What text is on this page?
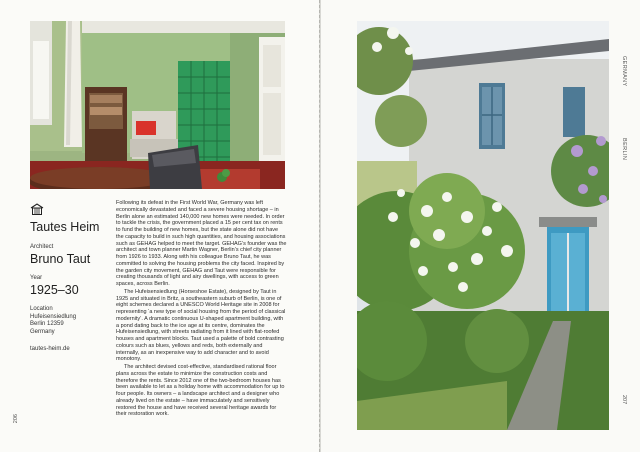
Tautes Heim
Architect
Bruno Taut
Year
1925–30
Location
Hufeisensiedlung
Berlin 12359
Germany
tautes-heim.de

Following its defeat in the First World War, Germany was left economically devastated and faced a severe housing shortage – in Berlin alone an estimated 140,000 new homes were needed. In order to tackle the crisis, the government placed a 15 per cent tax on rents to fund the building of new homes, but the state alone did not have the capacity to build in such high quantities, and housing associations such as GEHAG helped to meet the target. GEHAG’s founder was the architect and town planner Martin Wagner, Berlin’s chief city planner from 1926 to 1933. Along with his colleague Bruno Taut, he was committed to solving the housing problems the city faced. Inspired by the garden city movement, GEHAG and Taut were responsible for creating thousands of light and airy dwellings, with access to green spaces, across Berlin.

The Hufeisensiedlung (Horseshoe Estate), designed by Taut in 1925 and situated in Britz, a southeastern suburb of Berlin, is one of eight schemes declared a UNESCO World Heritage site in 2008 for representing ‘a new type of social housing from the period of classical modernity’. A dramatic continuous U-shaped apartment building, with a pond dating back to the ice age at its centre, dominates the Hufeisensiedlung, with streets radiating from it lined with flat-roofed houses and apartment blocks. Taut used a palette of bold contrasting colours such as blues, yellows and reds, both externally and internally, as an inexpensive way to add character and to avoid monotony.

The architect devised cost-effective, standardised rational floor plans across the estate to minimize the construction costs and therefore the rents. Since 2012 one of the two-bedroom houses has been available to let as a holiday home with accommodation for up to four people. Its owners – a landscape architect and a designer who already lived on the estate – have immaculately and sensitively restored the house and have received several heritage awards for their restoration work.

206
207
GERMANY
BERLIN
